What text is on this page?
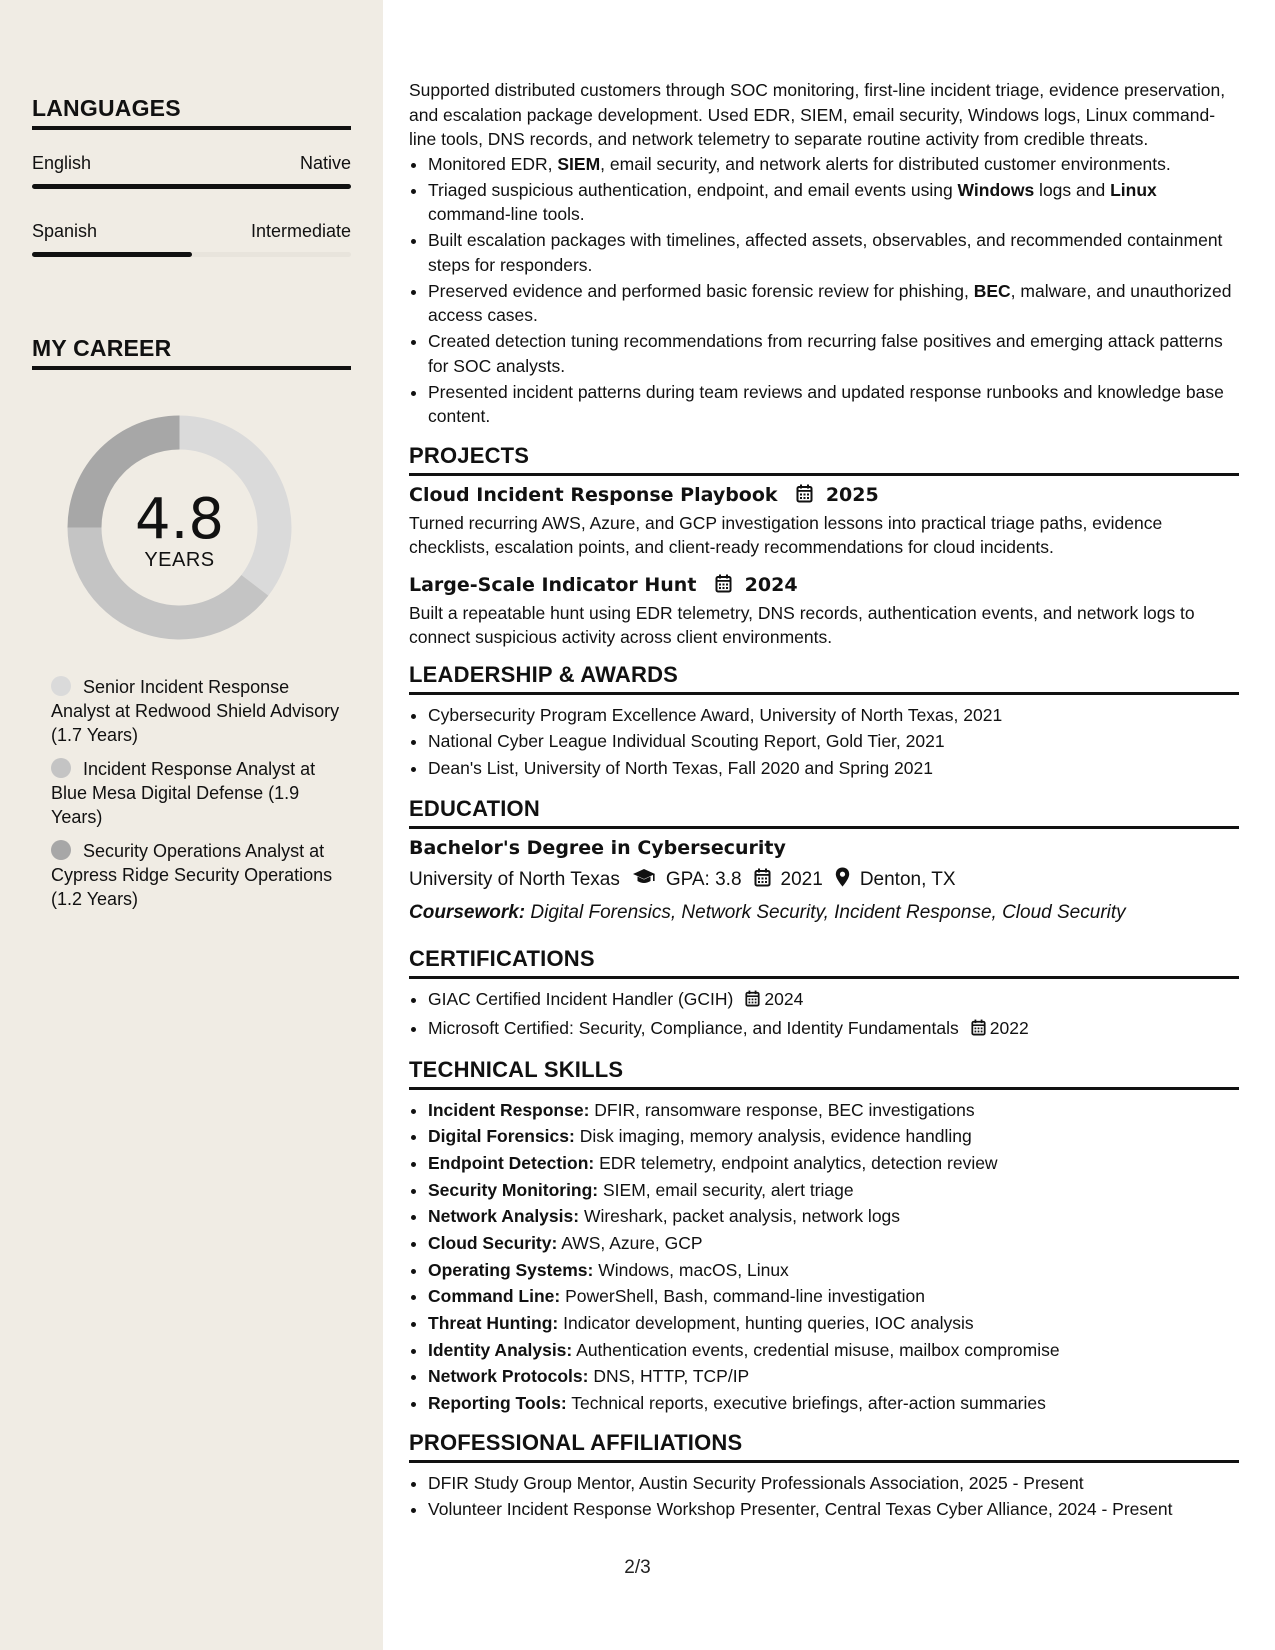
LANGUAGES
English	Native
Spanish	Intermediate
MY CAREER
4.8
YEARS
Senior Incident Response Analyst at Redwood Shield Advisory (1.7 Years)
Incident Response Analyst at Blue Mesa Digital Defense (1.9 Years)
Security Operations Analyst at Cypress Ridge Security Operations (1.2 Years)
Supported distributed customers through SOC monitoring, first-line incident triage, evidence preservation, and escalation package development. Used EDR, SIEM, email security, Windows logs, Linux command-line tools, DNS records, and network telemetry to separate routine activity from credible threats.
• Monitored EDR, SIEM, email security, and network alerts for distributed customer environments.
• Triaged suspicious authentication, endpoint, and email events using Windows logs and Linux command-line tools.
• Built escalation packages with timelines, affected assets, observables, and recommended containment steps for responders.
• Preserved evidence and performed basic forensic review for phishing, BEC, malware, and unauthorized access cases.
• Created detection tuning recommendations from recurring false positives and emerging attack patterns for SOC analysts.
• Presented incident patterns during team reviews and updated response runbooks and knowledge base content.
PROJECTS
Cloud Incident Response Playbook	2025
Turned recurring AWS, Azure, and GCP investigation lessons into practical triage paths, evidence checklists, escalation points, and client-ready recommendations for cloud incidents.
Large-Scale Indicator Hunt	2024
Built a repeatable hunt using EDR telemetry, DNS records, authentication events, and network logs to connect suspicious activity across client environments.
LEADERSHIP & AWARDS
• Cybersecurity Program Excellence Award, University of North Texas, 2021
• National Cyber League Individual Scouting Report, Gold Tier, 2021
• Dean's List, University of North Texas, Fall 2020 and Spring 2021
EDUCATION
Bachelor's Degree in Cybersecurity
University of North Texas GPA: 3.8 2021 Denton, TX
Coursework: Digital Forensics, Network Security, Incident Response, Cloud Security
CERTIFICATIONS
• GIAC Certified Incident Handler (GCIH) 2024
• Microsoft Certified: Security, Compliance, and Identity Fundamentals 2022
TECHNICAL SKILLS
• Incident Response: DFIR, ransomware response, BEC investigations
• Digital Forensics: Disk imaging, memory analysis, evidence handling
• Endpoint Detection: EDR telemetry, endpoint analytics, detection review
• Security Monitoring: SIEM, email security, alert triage
• Network Analysis: Wireshark, packet analysis, network logs
• Cloud Security: AWS, Azure, GCP
• Operating Systems: Windows, macOS, Linux
• Command Line: PowerShell, Bash, command-line investigation
• Threat Hunting: Indicator development, hunting queries, IOC analysis
• Identity Analysis: Authentication events, credential misuse, mailbox compromise
• Network Protocols: DNS, HTTP, TCP/IP
• Reporting Tools: Technical reports, executive briefings, after-action summaries
PROFESSIONAL AFFILIATIONS
• DFIR Study Group Mentor, Austin Security Professionals Association, 2025 - Present
• Volunteer Incident Response Workshop Presenter, Central Texas Cyber Alliance, 2024 - Present
2/3
